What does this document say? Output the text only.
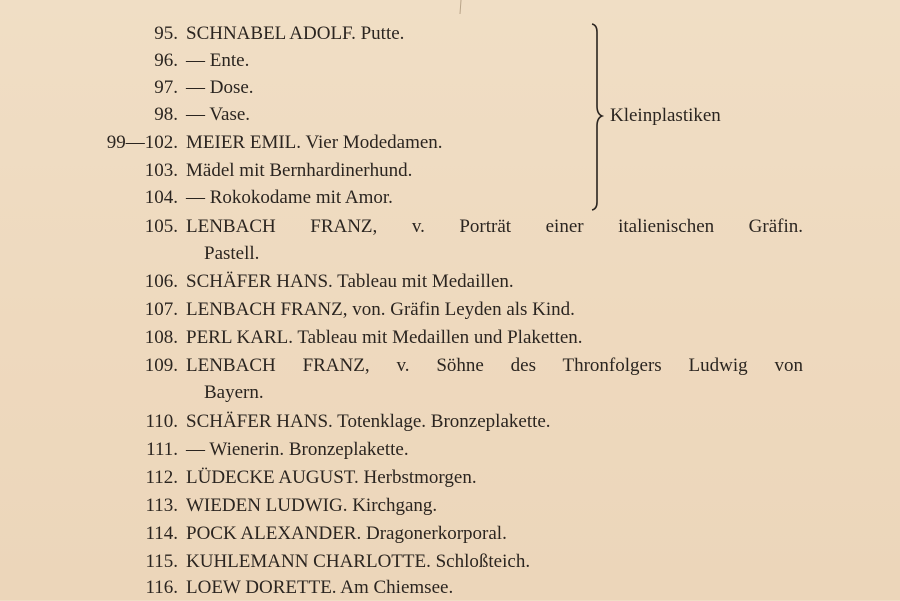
95. SCHNABEL ADOLF. Putte.
96. — Ente.
97. — Dose.
98. — Vase.
99—102. MEIER EMIL. Vier Modedamen.
103. Mädel mit Bernhardinerhund.
104. — Rokokodame mit Amor.
Kleinplastiken
105. LENBACH FRANZ, v. Porträt einer italienischen Gräfin.
Pastell.
106. SCHÄFER HANS. Tableau mit Medaillen.
107. LENBACH FRANZ, von. Gräfin Leyden als Kind.
108. PERL KARL. Tableau mit Medaillen und Plaketten.
109. LENBACH FRANZ, v. Söhne des Thronfolgers Ludwig von
Bayern.
110. SCHÄFER HANS. Totenklage. Bronzeplakette.
111. — Wienerin. Bronzeplakette.
112. LÜDECKE AUGUST. Herbstmorgen.
113. WIEDEN LUDWIG. Kirchgang.
114. POCK ALEXANDER. Dragonerkorporal.
115. KUHLEMANN CHARLOTTE. Schloßteich.
116. LOEW DORETTE. Am Chiemsee.
